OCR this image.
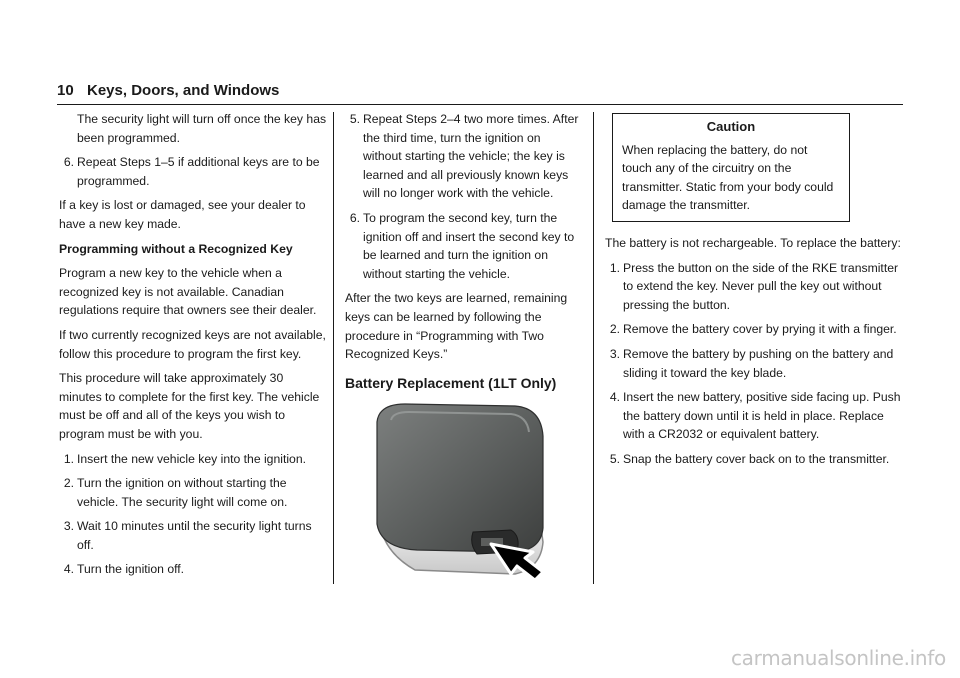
10 Keys, Doors, and Windows

The security light will turn off once the key has been programmed.

6. Repeat Steps 1–5 if additional keys are to be programmed.

If a key is lost or damaged, see your dealer to have a new key made.

Programming without a Recognized Key

Program a new key to the vehicle when a recognized key is not available. Canadian regulations require that owners see their dealer.

If two currently recognized keys are not available, follow this procedure to program the first key.

This procedure will take approximately 30 minutes to complete for the first key. The vehicle must be off and all of the keys you wish to program must be with you.

1. Insert the new vehicle key into the ignition.
2. Turn the ignition on without starting the vehicle. The security light will come on.
3. Wait 10 minutes until the security light turns off.
4. Turn the ignition off.
5. Repeat Steps 2–4 two more times. After the third time, turn the ignition on without starting the vehicle; the key is learned and all previously known keys will no longer work with the vehicle.
6. To program the second key, turn the ignition off and insert the second key to be learned and turn the ignition on without starting the vehicle.

After the two keys are learned, remaining keys can be learned by following the procedure in “Programming with Two Recognized Keys.”

Battery Replacement (1LT Only)
Caution
When replacing the battery, do not touch any of the circuitry on the transmitter. Static from your body could damage the transmitter.

The battery is not rechargeable. To replace the battery:

1. Press the button on the side of the RKE transmitter to extend the key. Never pull the key out without pressing the button.
2. Remove the battery cover by prying it with a finger.
3. Remove the battery by pushing on the battery and sliding it toward the key blade.
4. Insert the new battery, positive side facing up. Push the battery down until it is held in place. Replace with a CR2032 or equivalent battery.
5. Snap the battery cover back on to the transmitter.
carmanualsonline.info
